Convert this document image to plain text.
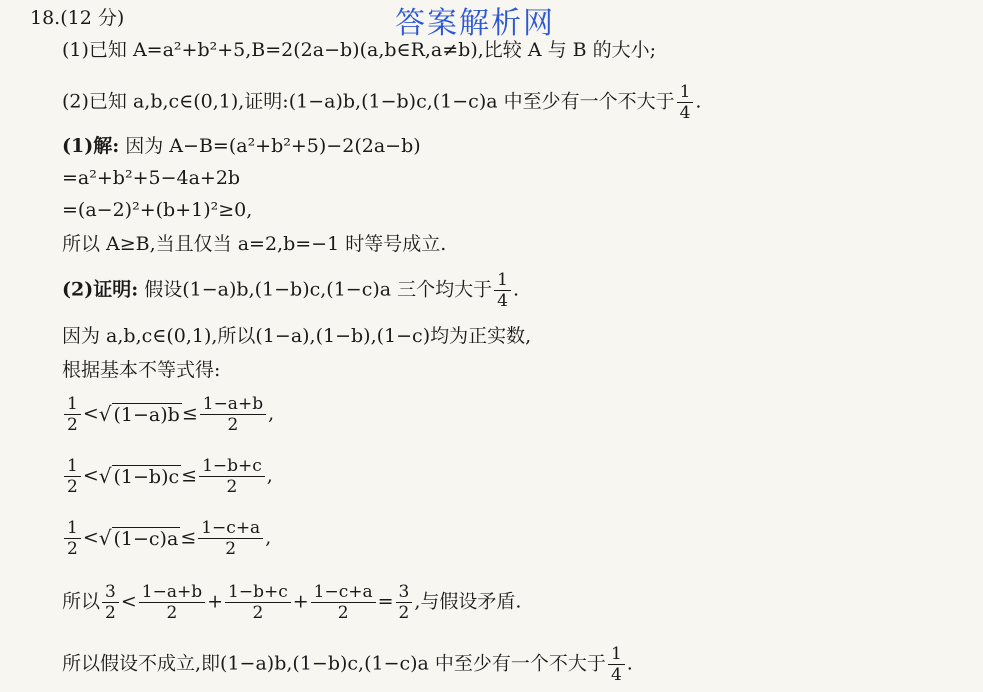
答案解析网
18.(12 分)
(1)已知 A=a²+b²+5,B=2(2a−b)(a,b∈R,a≠b),比较 A 与 B 的大小;
(2)已知 a,b,c∈(0,1),证明:(1−a)b,(1−b)c,(1−c)a 中至少有一个不大于 $\frac{1}{4}$ .
(1)解: 因为 A−B=(a²+b²+5)−2(2a−b)
=a²+b²+5−4a+2b
=(a−2)²+(b+1)²≥0,
所以 A≥B,当且仅当 a=2,b=−1 时等号成立.
(2)证明: 假设(1−a)b,(1−b)c,(1−c)a 三个均大于 $\frac{1}{4}$ .
因为 a,b,c∈(0,1),所以(1−a),(1−b),(1−c)均为正实数,
根据基本不等式得:
$\frac{1}{2}$ <√ $(1-a)b \le \frac{1-a+b}{2}$ ,
$\frac{1}{2}$ <√ $(1-b)c \le \frac{1-b+c}{2}$ ,
$\frac{1}{2}$ <√ $(1-c)a \le \frac{1-c+a}{2}$ ,
所以 $\frac{3}{2} < \frac{1-a+b}{2} + \frac{1-b+c}{2} + \frac{1-c+a}{2} = \frac{3}{2}$ ,与假设矛盾.
所以假设不成立,即(1−a)b,(1−b)c,(1−c)a 中至少有一个不大于 $\frac{1}{4}$ .
